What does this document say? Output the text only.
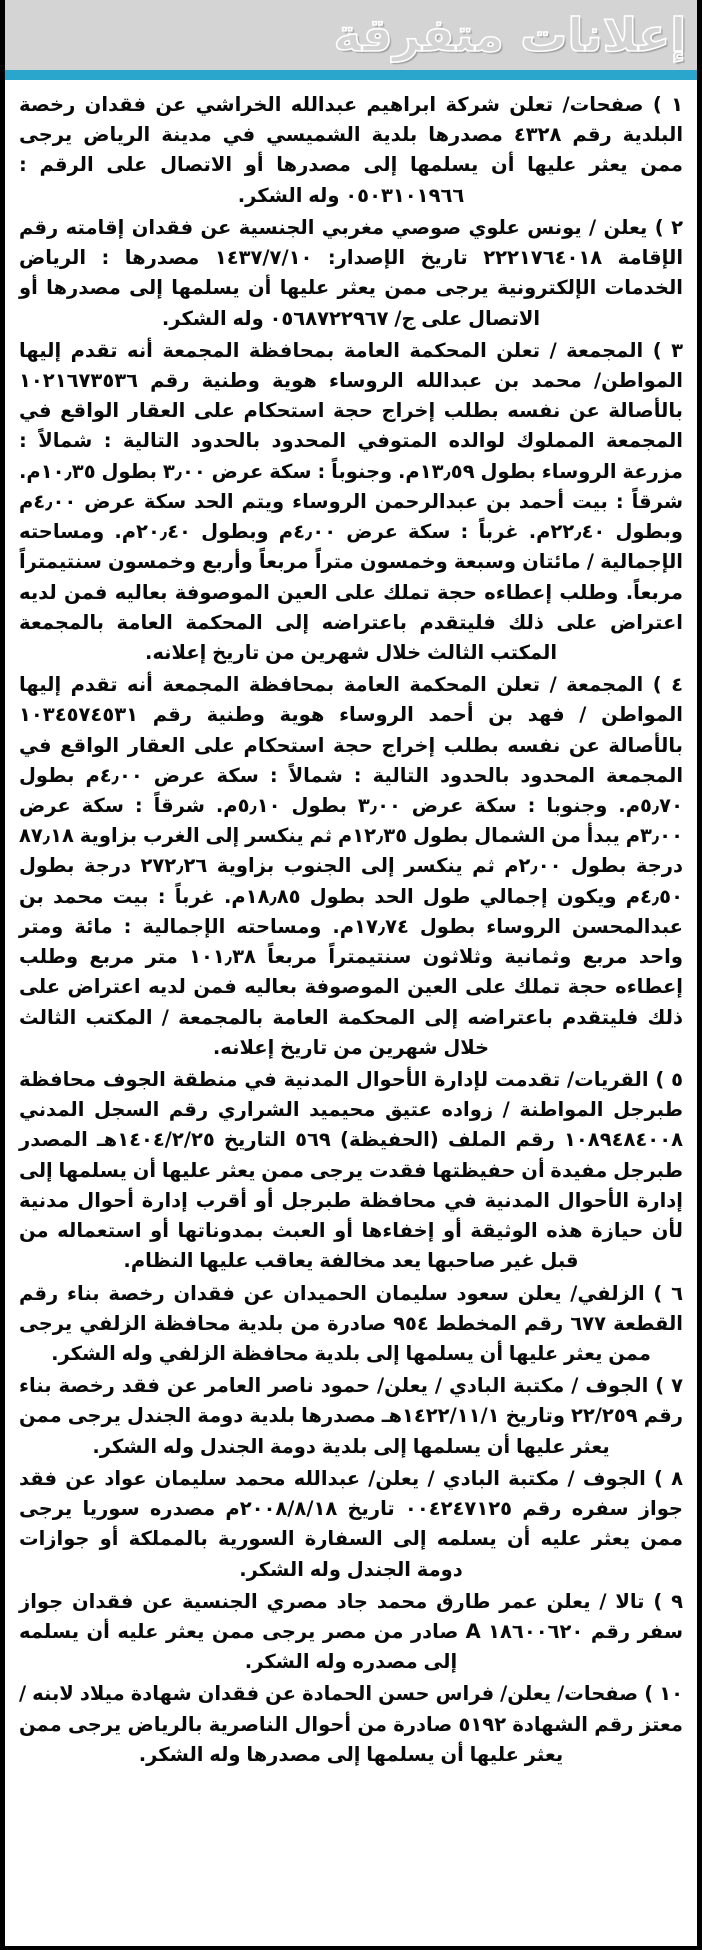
إعلانات متفرقة

١ ) صفحات/ تعلن شركة ابراهيم عبدالله الخراشي عن فقدان رخصة البلدية رقم ٤٣٢٨ مصدرها بلدية الشميسي في مدينة الرياض يرجى ممن يعثر عليها أن يسلمها إلى مصدرها أو الاتصال على الرقم : ٠٥٠٣١٠١٩٦٦ وله الشكر.

٢ ) يعلن / يونس علوي صوصي مغربي الجنسية عن فقدان إقامته رقم الإقامة ٢٢٢١٧٦٤٠١٨ تاريخ الإصدار: ١٤٣٧/٧/١٠ مصدرها : الرياض الخدمات الإلكترونية يرجى ممن يعثر عليها أن يسلمها إلى مصدرها أو الاتصال على ج/ ٠٥٦٨٧٢٢٩٦٧ وله الشكر.

٣ ) المجمعة / تعلن المحكمة العامة بمحافظة المجمعة أنه تقدم إليها المواطن/ محمد بن عبدالله الروساء هوية وطنية رقم ١٠٢١٦٧٣٥٣٦ بالأصالة عن نفسه بطلب إخراج حجة استحكام على العقار الواقع في المجمعة المملوك لوالده المتوفي المحدود بالحدود التالية : شمالاً : مزرعة الروساء بطول ١٣٫٥٩م. وجنوباً : سكة عرض ٣٫٠٠ بطول ١٠٫٣٥م. شرقاً : بيت أحمد بن عبدالرحمن الروساء ويتم الحد سكة عرض ٤٫٠٠م وبطول ٢٢٫٤٠م. غرباً : سكة عرض ٤٫٠٠م وبطول ٢٠٫٤٠م. ومساحته الإجمالية / مائتان وسبعة وخمسون متراً مربعاً وأربع وخمسون سنتيمتراً مربعاً. وطلب إعطاءه حجة تملك على العين الموصوفة بعاليه فمن لديه اعتراض على ذلك فليتقدم باعتراضه إلى المحكمة العامة بالمجمعة المكتب الثالث خلال شهرين من تاريخ إعلانه.

٤ ) المجمعة / تعلن المحكمة العامة بمحافظة المجمعة أنه تقدم إليها المواطن / فهد بن أحمد الروساء هوية وطنية رقم ١٠٣٤٥٧٤٥٣١ بالأصالة عن نفسه بطلب إخراج حجة استحكام على العقار الواقع في المجمعة المحدود بالحدود التالية : شمالاً : سكة عرض ٤٫٠٠م بطول ٥٫٧٠م. وجنوبا : سكة عرض ٣٫٠٠ بطول ٥٫١٠م. شرقاً : سكة عرض ٣٫٠٠م يبدأ من الشمال بطول ١٢٫٣٥م ثم ينكسر إلى الغرب بزاوية ٨٧٫١٨ درجة بطول ٢٫٠٠م ثم ينكسر إلى الجنوب بزاوية ٢٧٢٫٢٦ درجة بطول ٤٫٥٠م ويكون إجمالي طول الحد بطول ١٨٫٨٥م. غرباً : بيت محمد بن عبدالمحسن الروساء بطول ١٧٫٧٤م. ومساحته الإجمالية : مائة ومتر واحد مربع وثمانية وثلاثون سنتيمتراً مربعاً ١٠١٫٣٨ متر مربع وطلب إعطاءه حجة تملك على العين الموصوفة بعاليه فمن لديه اعتراض على ذلك فليتقدم باعتراضه إلى المحكمة العامة بالمجمعة / المكتب الثالث خلال شهرين من تاريخ إعلانه.

٥ ) القريات/ تقدمت لإدارة الأحوال المدنية في منطقة الجوف محافظة طبرجل المواطنة / زواده عتيق محيميد الشراري رقم السجل المدني ١٠٨٩٤٨٤٠٠٨ رقم الملف (الحفيظة) ٥٦٩ التاريخ ١٤٠٤/٢/٢٥هـ المصدر طبرجل مفيدة أن حفيظتها فقدت يرجى ممن يعثر عليها أن يسلمها إلى إدارة الأحوال المدنية في محافظة طبرجل أو أقرب إدارة أحوال مدنية لأن حيازة هذه الوثيقة أو إخفاءها أو العبث بمدوناتها أو استعماله من قبل غير صاحبها يعد مخالفة يعاقب عليها النظام.

٦ ) الزلفي/ يعلن سعود سليمان الحميدان عن فقدان رخصة بناء رقم القطعة ٦٧٧ رقم المخطط ٩٥٤ صادرة من بلدية محافظة الزلفي يرجى ممن يعثر عليها أن يسلمها إلى بلدية محافظة الزلفي وله الشكر.

٧ ) الجوف / مكتبة البادي / يعلن/ حمود ناصر العامر عن فقد رخصة بناء رقم ٢٢/٢٥٩ وتاريخ ١٤٢٢/١١/١هـ مصدرها بلدية دومة الجندل يرجى ممن يعثر عليها أن يسلمها إلى بلدية دومة الجندل وله الشكر.

٨ ) الجوف / مكتبة البادي / يعلن/ عبدالله محمد سليمان عواد عن فقد جواز سفره رقم ٠٠٤٢٤٧١٢٥ تاريخ ٢٠٠٨/٨/١٨م مصدره سوريا يرجى ممن يعثر عليه أن يسلمه إلى السفارة السورية بالمملكة أو جوازات دومة الجندل وله الشكر.

٩ ) تالا / يعلن عمر طارق محمد جاد مصري الجنسية عن فقدان جواز سفر رقم ١٨٦٠٠٦٢٠ A صادر من مصر يرجى ممن يعثر عليه أن يسلمه إلى مصدره وله الشكر.

١٠ ) صفحات/ يعلن/ فراس حسن الحمادة عن فقدان شهادة ميلاد لابنه / معتز رقم الشهادة ٥١٩٢ صادرة من أحوال الناصرية بالرياض يرجى ممن يعثر عليها أن يسلمها إلى مصدرها وله الشكر.
